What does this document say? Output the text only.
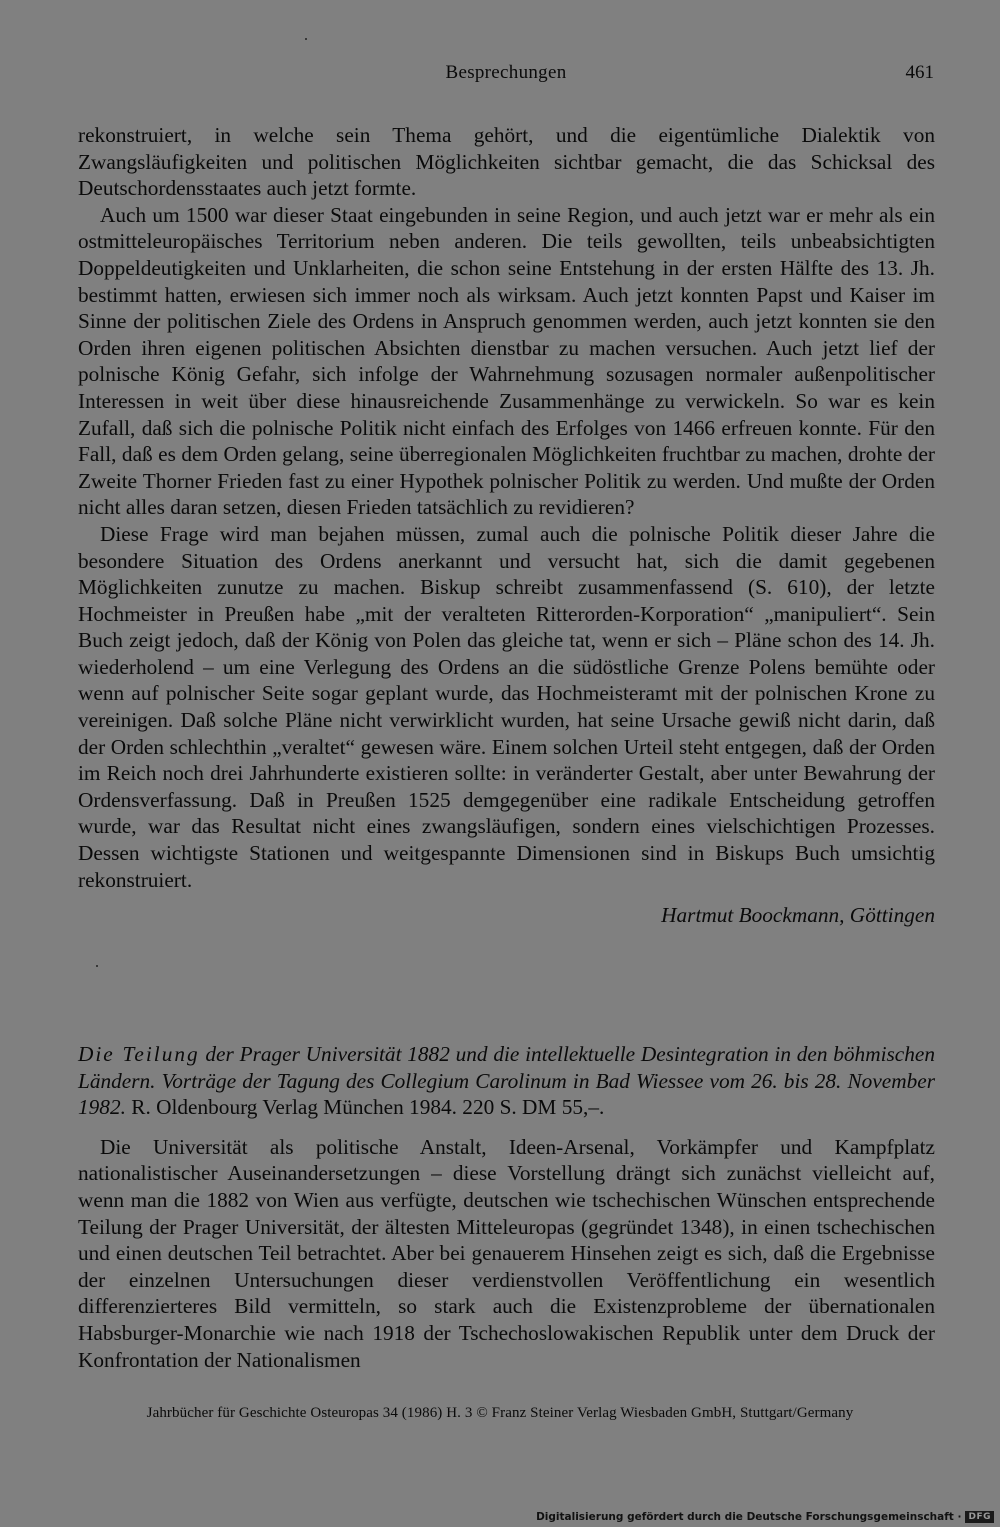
Besprechungen	461

rekonstruiert, in welche sein Thema gehört, und die eigentümliche Dialektik von Zwangsläufigkeiten und politischen Möglichkeiten sichtbar gemacht, die das Schicksal des Deutschordensstaates auch jetzt formte.

Auch um 1500 war dieser Staat eingebunden in seine Region, und auch jetzt war er mehr als ein ostmitteleuropäisches Territorium neben anderen. Die teils gewollten, teils unbeabsichtigten Doppeldeutigkeiten und Unklarheiten, die schon seine Entstehung in der ersten Hälfte des 13. Jh. bestimmt hatten, erwiesen sich immer noch als wirksam. Auch jetzt konnten Papst und Kaiser im Sinne der politischen Ziele des Ordens in Anspruch genommen werden, auch jetzt konnten sie den Orden ihren eigenen politischen Absichten dienstbar zu machen versuchen. Auch jetzt lief der polnische König Gefahr, sich infolge der Wahrnehmung sozusagen normaler außenpolitischer Interessen in weit über diese hinausreichende Zusammenhänge zu verwickeln. So war es kein Zufall, daß sich die polnische Politik nicht einfach des Erfolges von 1466 erfreuen konnte. Für den Fall, daß es dem Orden gelang, seine überregionalen Möglichkeiten fruchtbar zu machen, drohte der Zweite Thorner Frieden fast zu einer Hypothek polnischer Politik zu werden. Und mußte der Orden nicht alles daran setzen, diesen Frieden tatsächlich zu revidieren?

Diese Frage wird man bejahen müssen, zumal auch die polnische Politik dieser Jahre die besondere Situation des Ordens anerkannt und versucht hat, sich die damit gegebenen Möglichkeiten zunutze zu machen. Biskup schreibt zusammenfassend (S. 610), der letzte Hochmeister in Preußen habe „mit der veralteten Ritterorden-Korporation“ „manipuliert“. Sein Buch zeigt jedoch, daß der König von Polen das gleiche tat, wenn er sich – Pläne schon des 14. Jh. wiederholend – um eine Verlegung des Ordens an die südöstliche Grenze Polens bemühte oder wenn auf polnischer Seite sogar geplant wurde, das Hochmeisteramt mit der polnischen Krone zu vereinigen. Daß solche Pläne nicht verwirklicht wurden, hat seine Ursache gewiß nicht darin, daß der Orden schlechthin „veraltet“ gewesen wäre. Einem solchen Urteil steht entgegen, daß der Orden im Reich noch drei Jahrhunderte existieren sollte: in veränderter Gestalt, aber unter Bewahrung der Ordensverfassung. Daß in Preußen 1525 demgegenüber eine radikale Entscheidung getroffen wurde, war das Resultat nicht eines zwangsläufigen, sondern eines vielschichtigen Prozesses. Dessen wichtigste Stationen und weitgespannte Dimensionen sind in Biskups Buch umsichtig rekonstruiert.

Hartmut Boockmann, Göttingen

Die Teilung der Prager Universität 1882 und die intellektuelle Desintegration in den böhmischen Ländern. Vorträge der Tagung des Collegium Carolinum in Bad Wiessee vom 26. bis 28. November 1982. R. Oldenbourg Verlag München 1984. 220 S. DM 55,–.

Die Universität als politische Anstalt, Ideen-Arsenal, Vorkämpfer und Kampfplatz nationalistischer Auseinandersetzungen – diese Vorstellung drängt sich zunächst vielleicht auf, wenn man die 1882 von Wien aus verfügte, deutschen wie tschechischen Wünschen entsprechende Teilung der Prager Universität, der ältesten Mitteleuropas (gegründet 1348), in einen tschechischen und einen deutschen Teil betrachtet. Aber bei genauerem Hinsehen zeigt es sich, daß die Ergebnisse der einzelnen Untersuchungen dieser verdienstvollen Veröffentlichung ein wesentlich differenzierteres Bild vermitteln, so stark auch die Existenzprobleme der übernationalen Habsburger-Monarchie wie nach 1918 der Tschechoslowakischen Republik unter dem Druck der Konfrontation der Nationalismen

Jahrbücher für Geschichte Osteuropas 34 (1986) H. 3 © Franz Steiner Verlag Wiesbaden GmbH, Stuttgart/Germany
Digitalisierung gefördert durch die Deutsche Forschungsgemeinschaft · DFG
